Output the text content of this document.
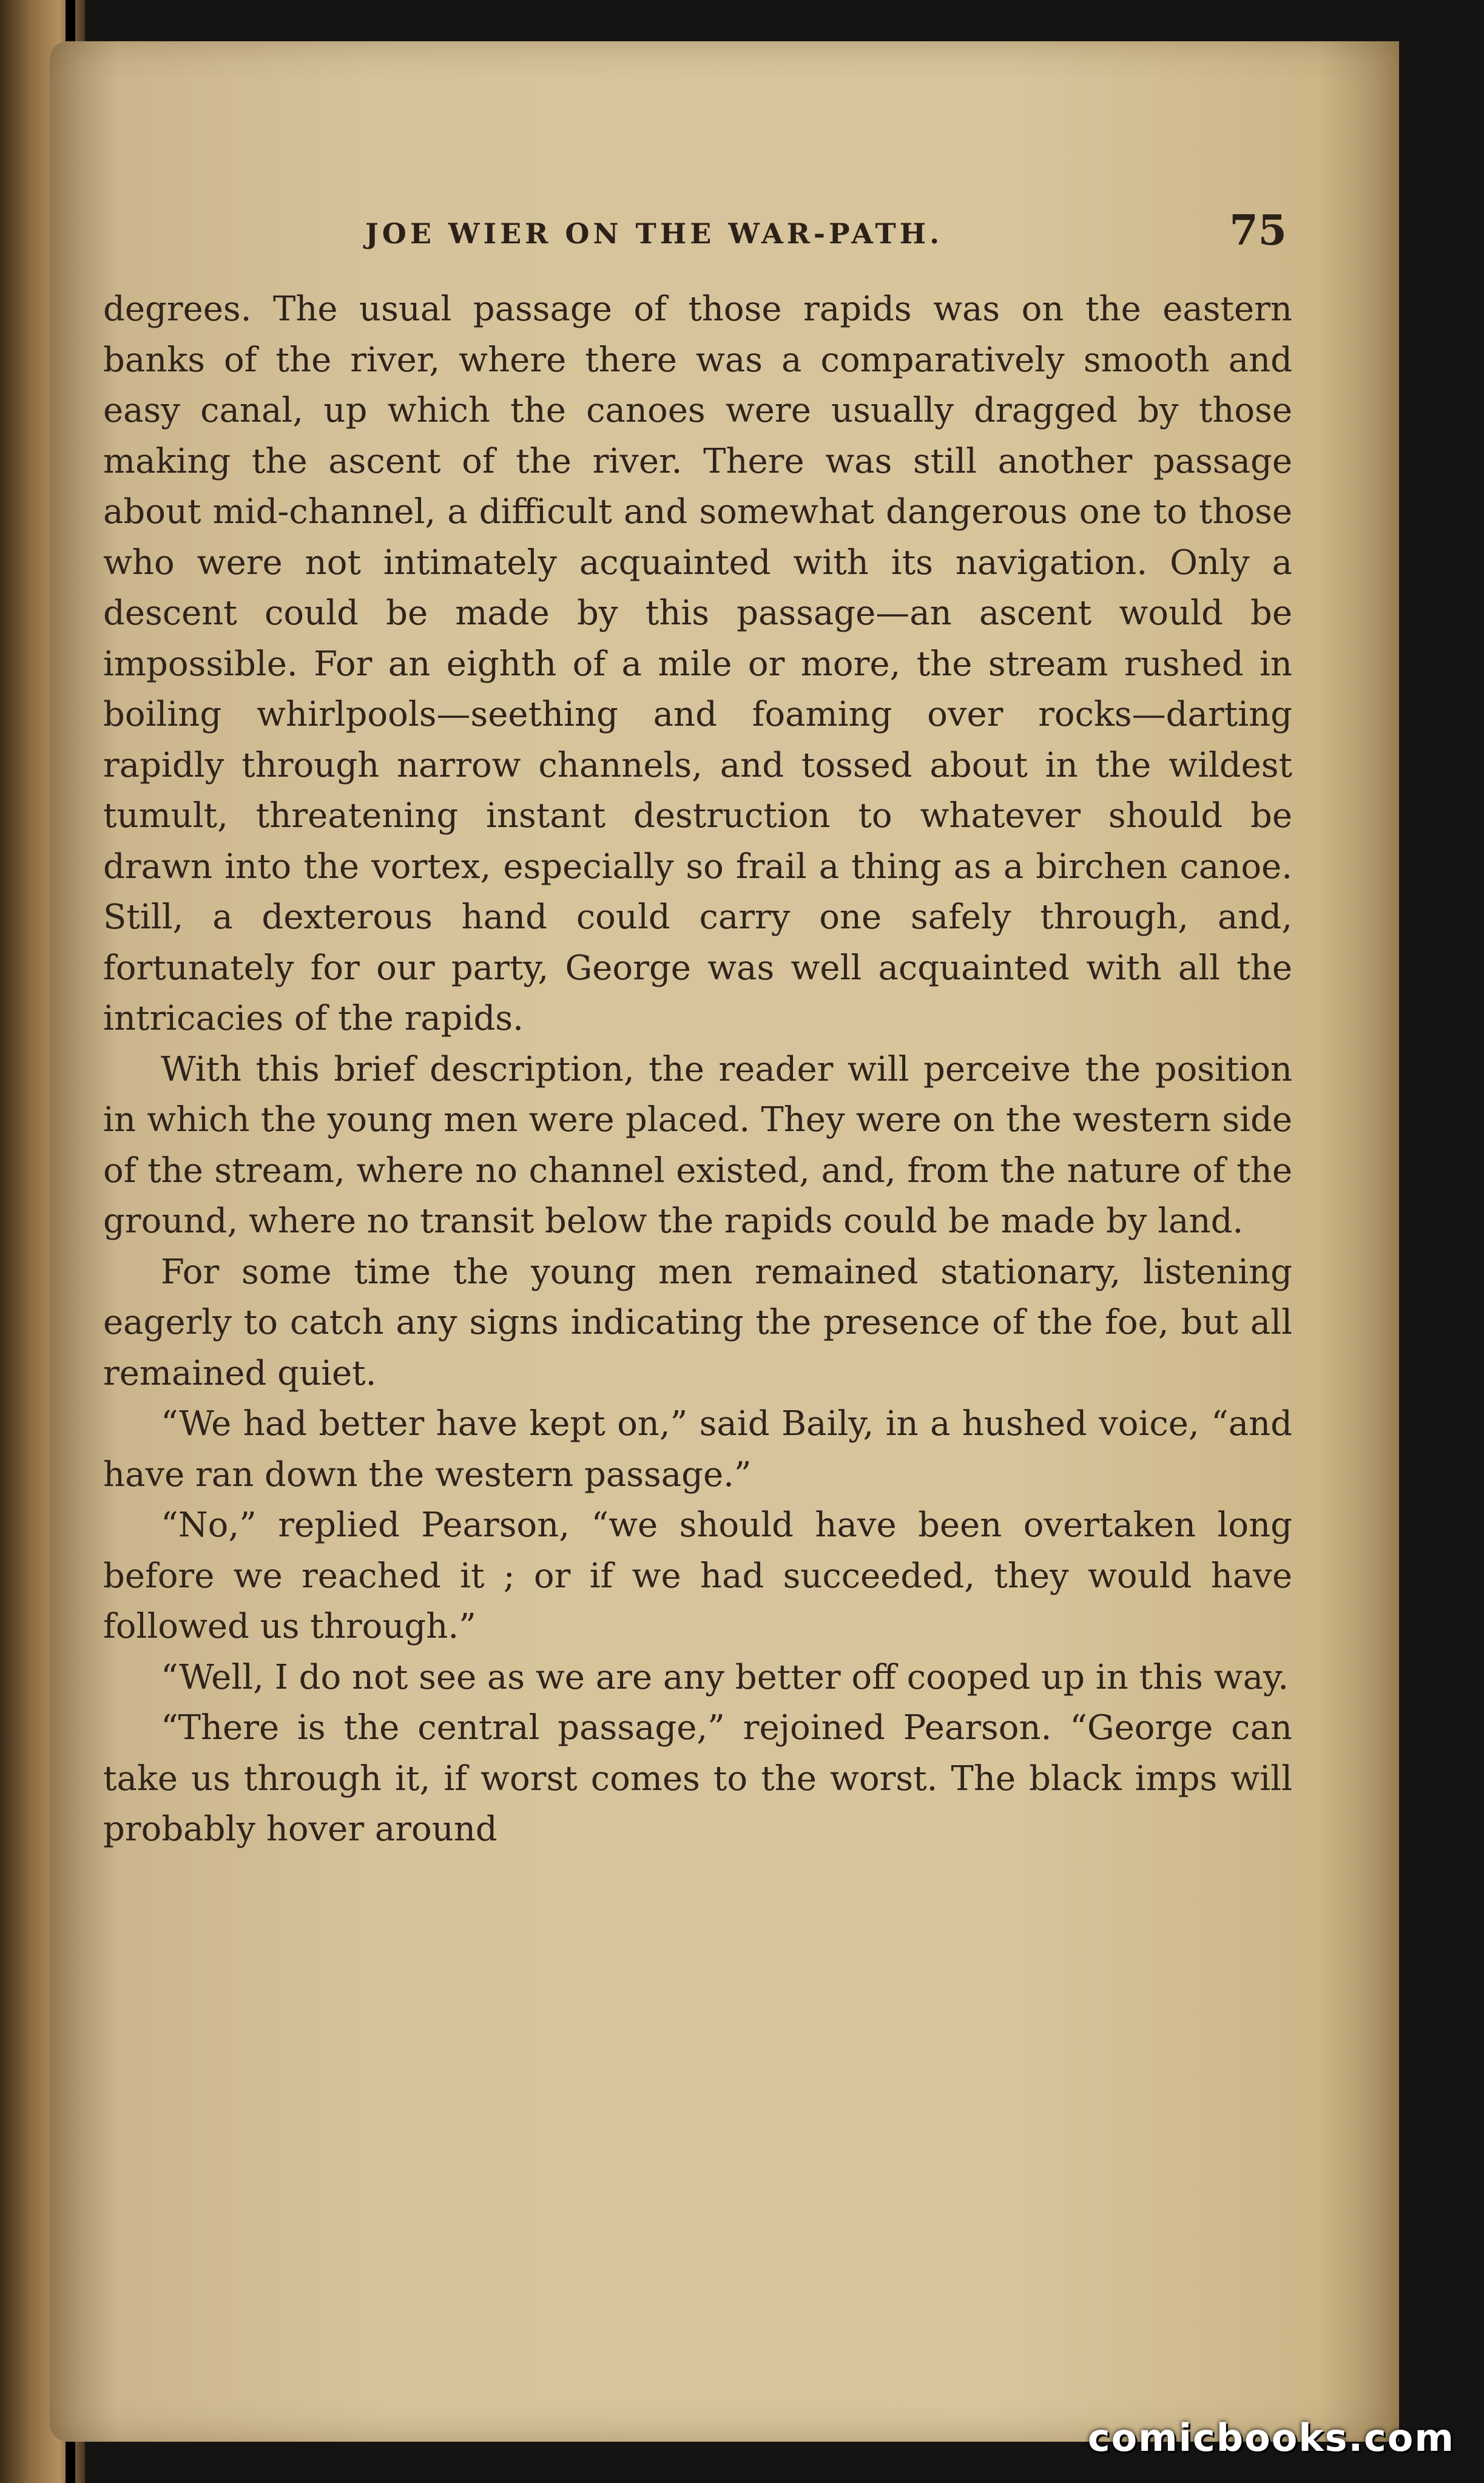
JOE WIER ON THE WAR-PATH.	75

degrees. The usual passage of those rapids was on the eastern banks of the river, where there was a comparatively smooth and easy canal, up which the canoes were usually dragged by those making the ascent of the river. There was still another passage about mid-channel, a difficult and somewhat dangerous one to those who were not intimately acquainted with its navigation. Only a descent could be made by this passage—an ascent would be impossible. For an eighth of a mile or more, the stream rushed in boiling whirlpools—seething and foaming over rocks—darting rapidly through narrow channels, and tossed about in the wildest tumult, threatening instant destruction to whatever should be drawn into the vortex, especially so frail a thing as a birchen canoe. Still, a dexterous hand could carry one safely through, and, fortunately for our party, George was well acquainted with all the intricacies of the rapids.

With this brief description, the reader will perceive the position in which the young men were placed. They were on the western side of the stream, where no channel existed, and, from the nature of the ground, where no transit below the rapids could be made by land.

For some time the young men remained stationary, listening eagerly to catch any signs indicating the presence of the foe, but all remained quiet.

“We had better have kept on,” said Baily, in a hushed voice, “and have ran down the western passage.”

“No,” replied Pearson, “we should have been overtaken long before we reached it ; or if we had succeeded, they would have followed us through.”

“Well, I do not see as we are any better off cooped up in this way.

“There is the central passage,” rejoined Pearson. “George can take us through it, if worst comes to the worst. The black imps will probably hover around

comicbooks.com
